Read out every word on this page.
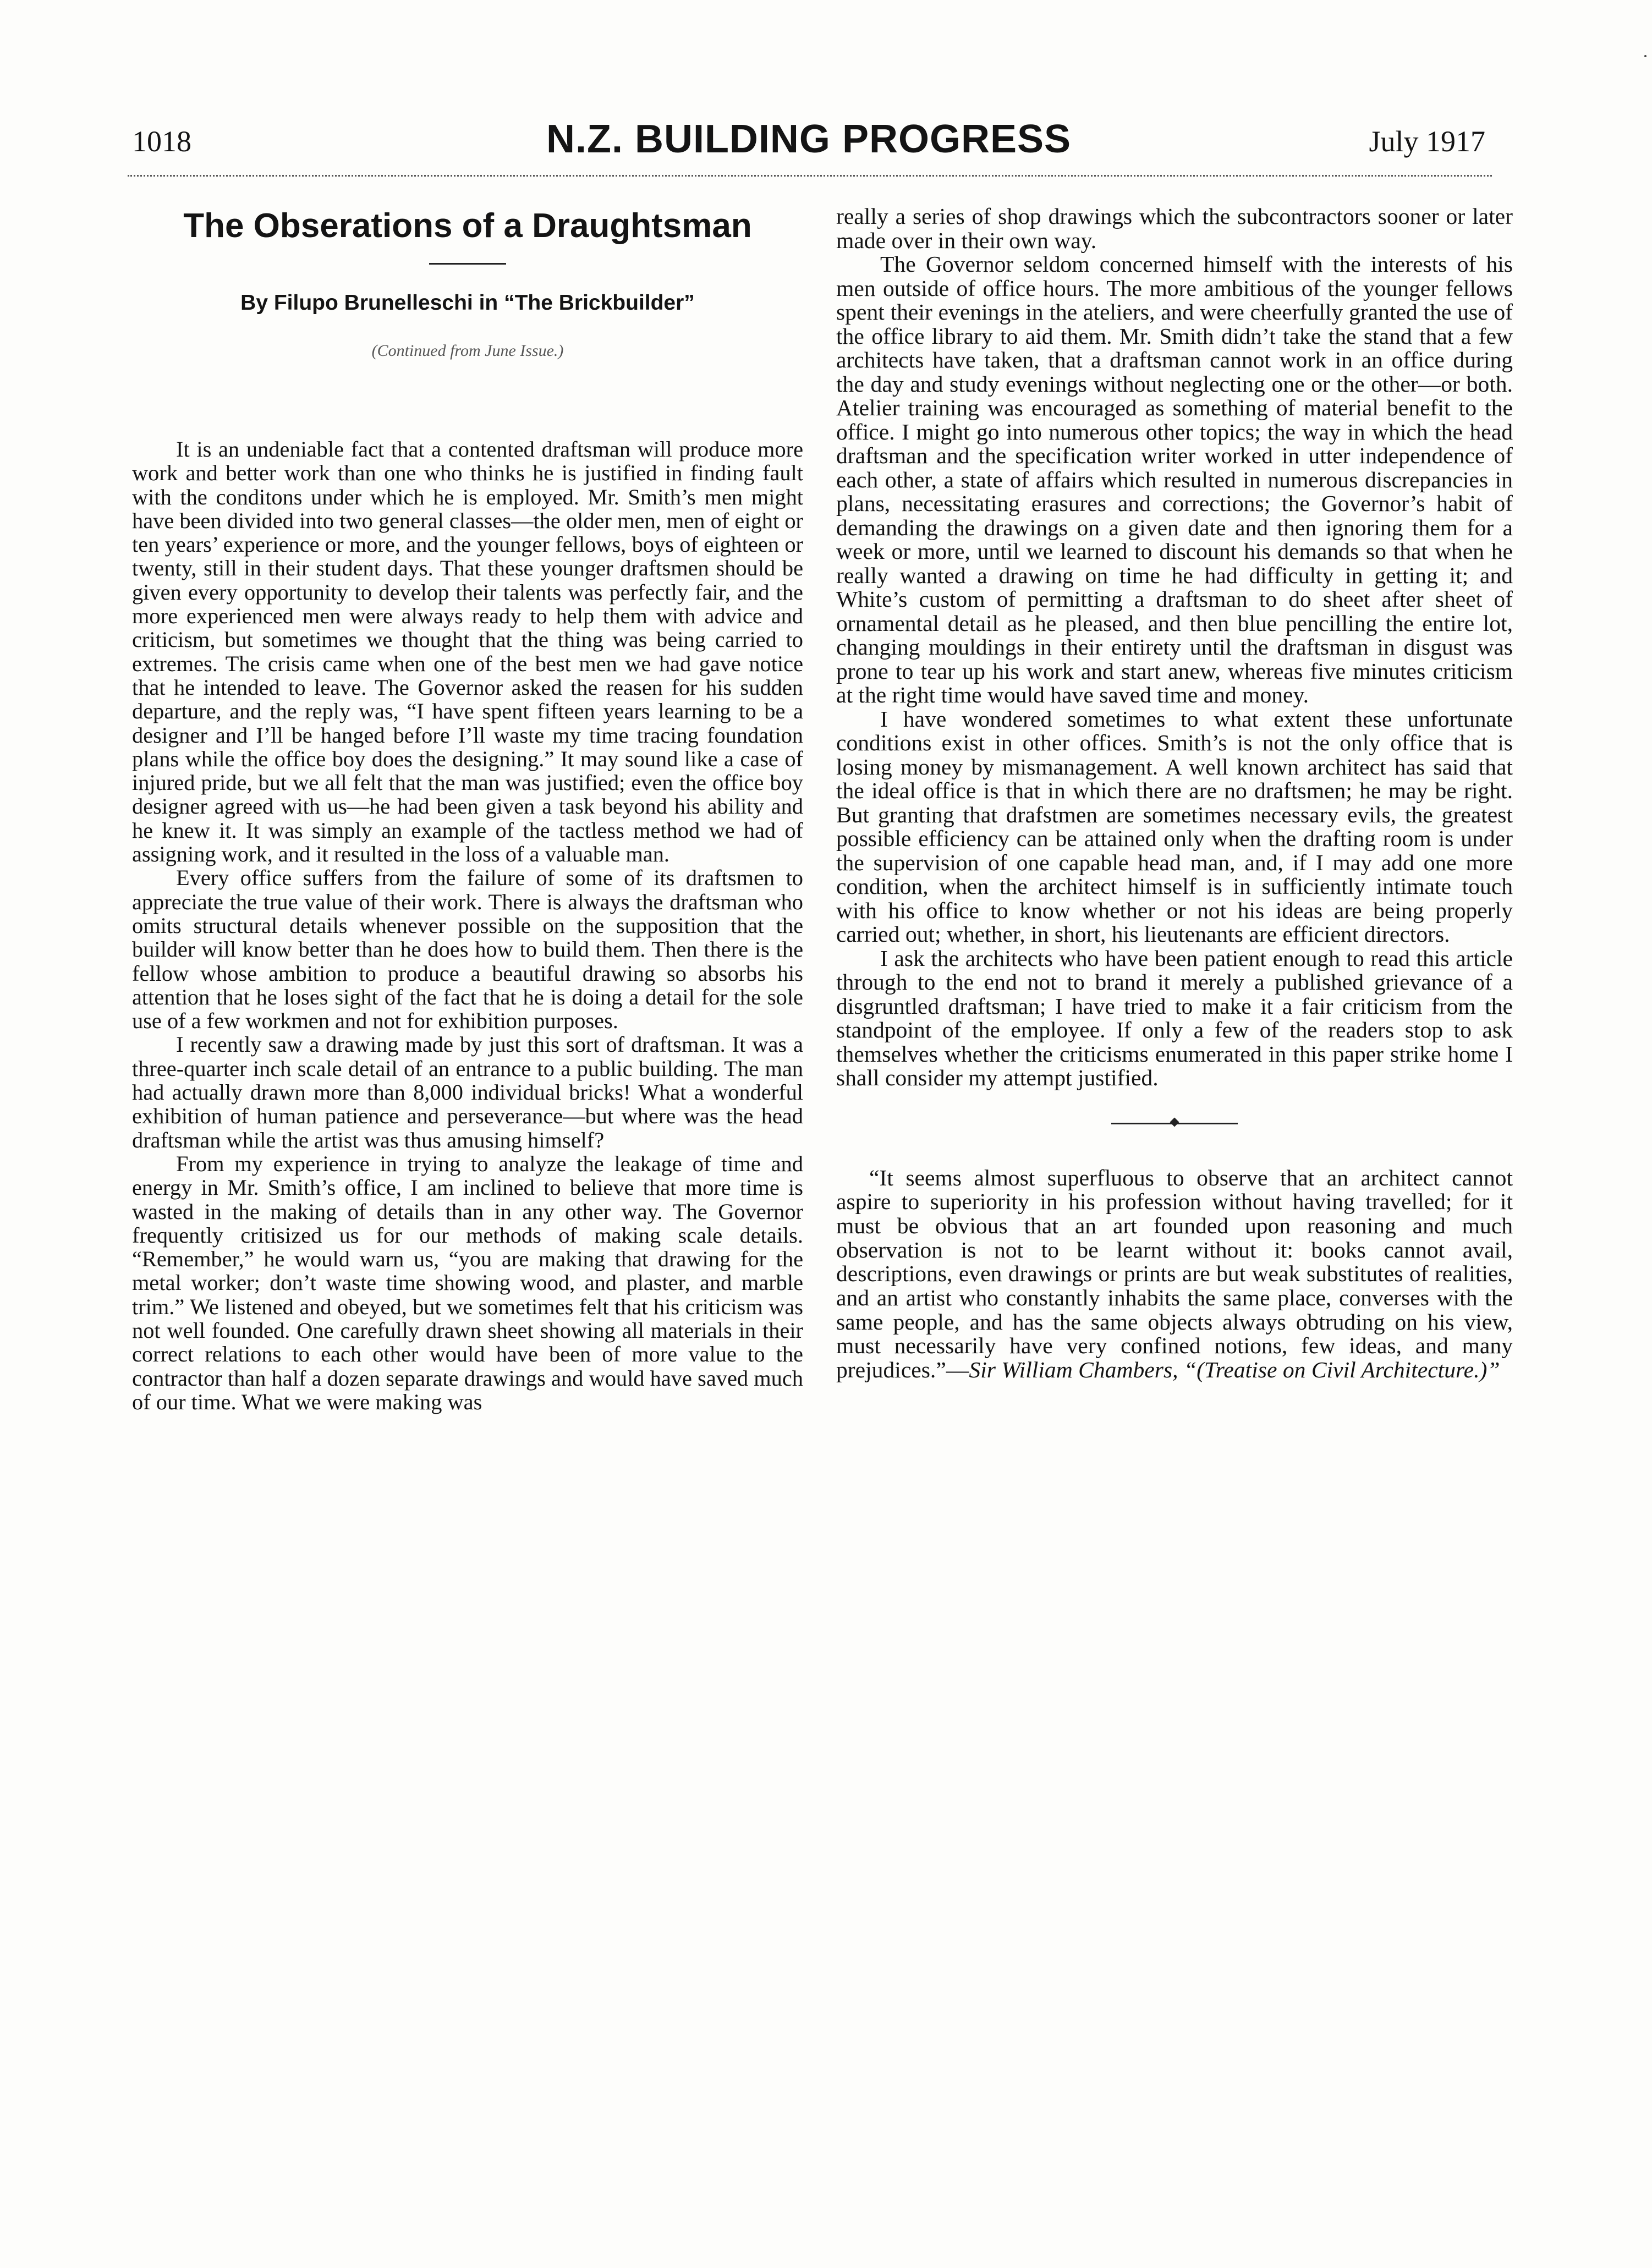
1018	N.Z. BUILDING PROGRESS	July 1917
The Obserations of a Draughtsman
By Filupo Brunelleschi in “The Brickbuilder”
(Continued from June Issue.)

It is an undeniable fact that a contented draftsman will produce more work and better work than one who thinks he is justified in finding fault with the conditons under which he is employed. Mr. Smith’s men might have been divided into two general classes—the older men, men of eight or ten years’ experience or more, and the younger fellows, boys of eighteen or twenty, still in their student days. That these younger draftsmen should be given every opportunity to develop their talents was perfectly fair, and the more experienced men were always ready to help them with advice and criticism, but sometimes we thought that the thing was being carried to extremes. The crisis came when one of the best men we had gave notice that he intended to leave. The Governor asked the reasen for his sudden departure, and the reply was, “I have spent fifteen years learning to be a designer and I’ll be hanged before I’ll waste my time tracing foundation plans while the office boy does the designing.” It may sound like a case of injured pride, but we all felt that the man was justified; even the office boy designer agreed with us—he had been given a task beyond his ability and he knew it. It was simply an example of the tactless method we had of assigning work, and it resulted in the loss of a valuable man.

Every office suffers from the failure of some of its draftsmen to appreciate the true value of their work. There is always the draftsman who omits structural details whenever possible on the supposition that the builder will know better than he does how to build them. Then there is the fellow whose ambition to produce a beautiful drawing so absorbs his attention that he loses sight of the fact that he is doing a detail for the sole use of a few workmen and not for exhibition purposes.

I recently saw a drawing made by just this sort of draftsman. It was a three-quarter inch scale detail of an entrance to a public building. The man had actually drawn more than 8,000 individual bricks! What a wonderful exhibition of human patience and perseverance—but where was the head draftsman while the artist was thus amusing himself?

From my experience in trying to analyze the leakage of time and energy in Mr. Smith’s office, I am inclined to believe that more time is wasted in the making of details than in any other way. The Governor frequently critisized us for our methods of making scale details. “Remember,” he would warn us, “you are making that drawing for the metal worker; don’t waste time showing wood, and plaster, and marble trim.” We listened and obeyed, but we sometimes felt that his criticism was not well founded. One carefully drawn sheet showing all materials in their correct relations to each other would have been of more value to the contractor than half a dozen separate drawings and would have saved much of our time. What we were making was

really a series of shop drawings which the subcontractors sooner or later made over in their own way.

The Governor seldom concerned himself with the interests of his men outside of office hours. The more ambitious of the younger fellows spent their evenings in the ateliers, and were cheerfully granted the use of the office library to aid them. Mr. Smith didn’t take the stand that a few architects have taken, that a draftsman cannot work in an office during the day and study evenings without neglecting one or the other—or both. Atelier training was encouraged as something of material benefit to the office. I might go into numerous other topics; the way in which the head draftsman and the specification writer worked in utter independence of each other, a state of affairs which resulted in numerous discrepancies in plans, necessitating erasures and corrections; the Governor’s habit of demanding the drawings on a given date and then ignoring them for a week or more, until we learned to discount his demands so that when he really wanted a drawing on time he had difficulty in getting it; and White’s custom of permitting a draftsman to do sheet after sheet of ornamental detail as he pleased, and then blue pencilling the entire lot, changing mouldings in their entirety until the draftsman in disgust was prone to tear up his work and start anew, whereas five minutes criticism at the right time would have saved time and money.

I have wondered sometimes to what extent these unfortunate conditions exist in other offices. Smith’s is not the only office that is losing money by mismanagement. A well known architect has said that the ideal office is that in which there are no draftsmen; he may be right. But granting that drafstmen are sometimes necessary evils, the greatest possible efficiency can be attained only when the drafting room is under the supervision of one capable head man, and, if I may add one more condition, when the architect himself is in sufficiently intimate touch with his office to know whether or not his ideas are being properly carried out; whether, in short, his lieutenants are efficient directors.

I ask the architects who have been patient enough to read this article through to the end not to brand it merely a published grievance of a disgruntled draftsman; I have tried to make it a fair criticism from the standpoint of the employee. If only a few of the readers stop to ask themselves whether the criticisms enumerated in this paper strike home I shall consider my attempt justified.

“It seems almost superfluous to observe that an architect cannot aspire to superiority in his profession without having travelled; for it must be obvious that an art founded upon reasoning and much observation is not to be learnt without it: books cannot avail, descriptions, even drawings or prints are but weak substitutes of realities, and an artist who constantly inhabits the same place, converses with the same people, and has the same objects always obtruding on his view, must necessarily have very confined notions, few ideas, and many prejudices.”—Sir William Chambers, “(Treatise on Civil Architecture.)”
